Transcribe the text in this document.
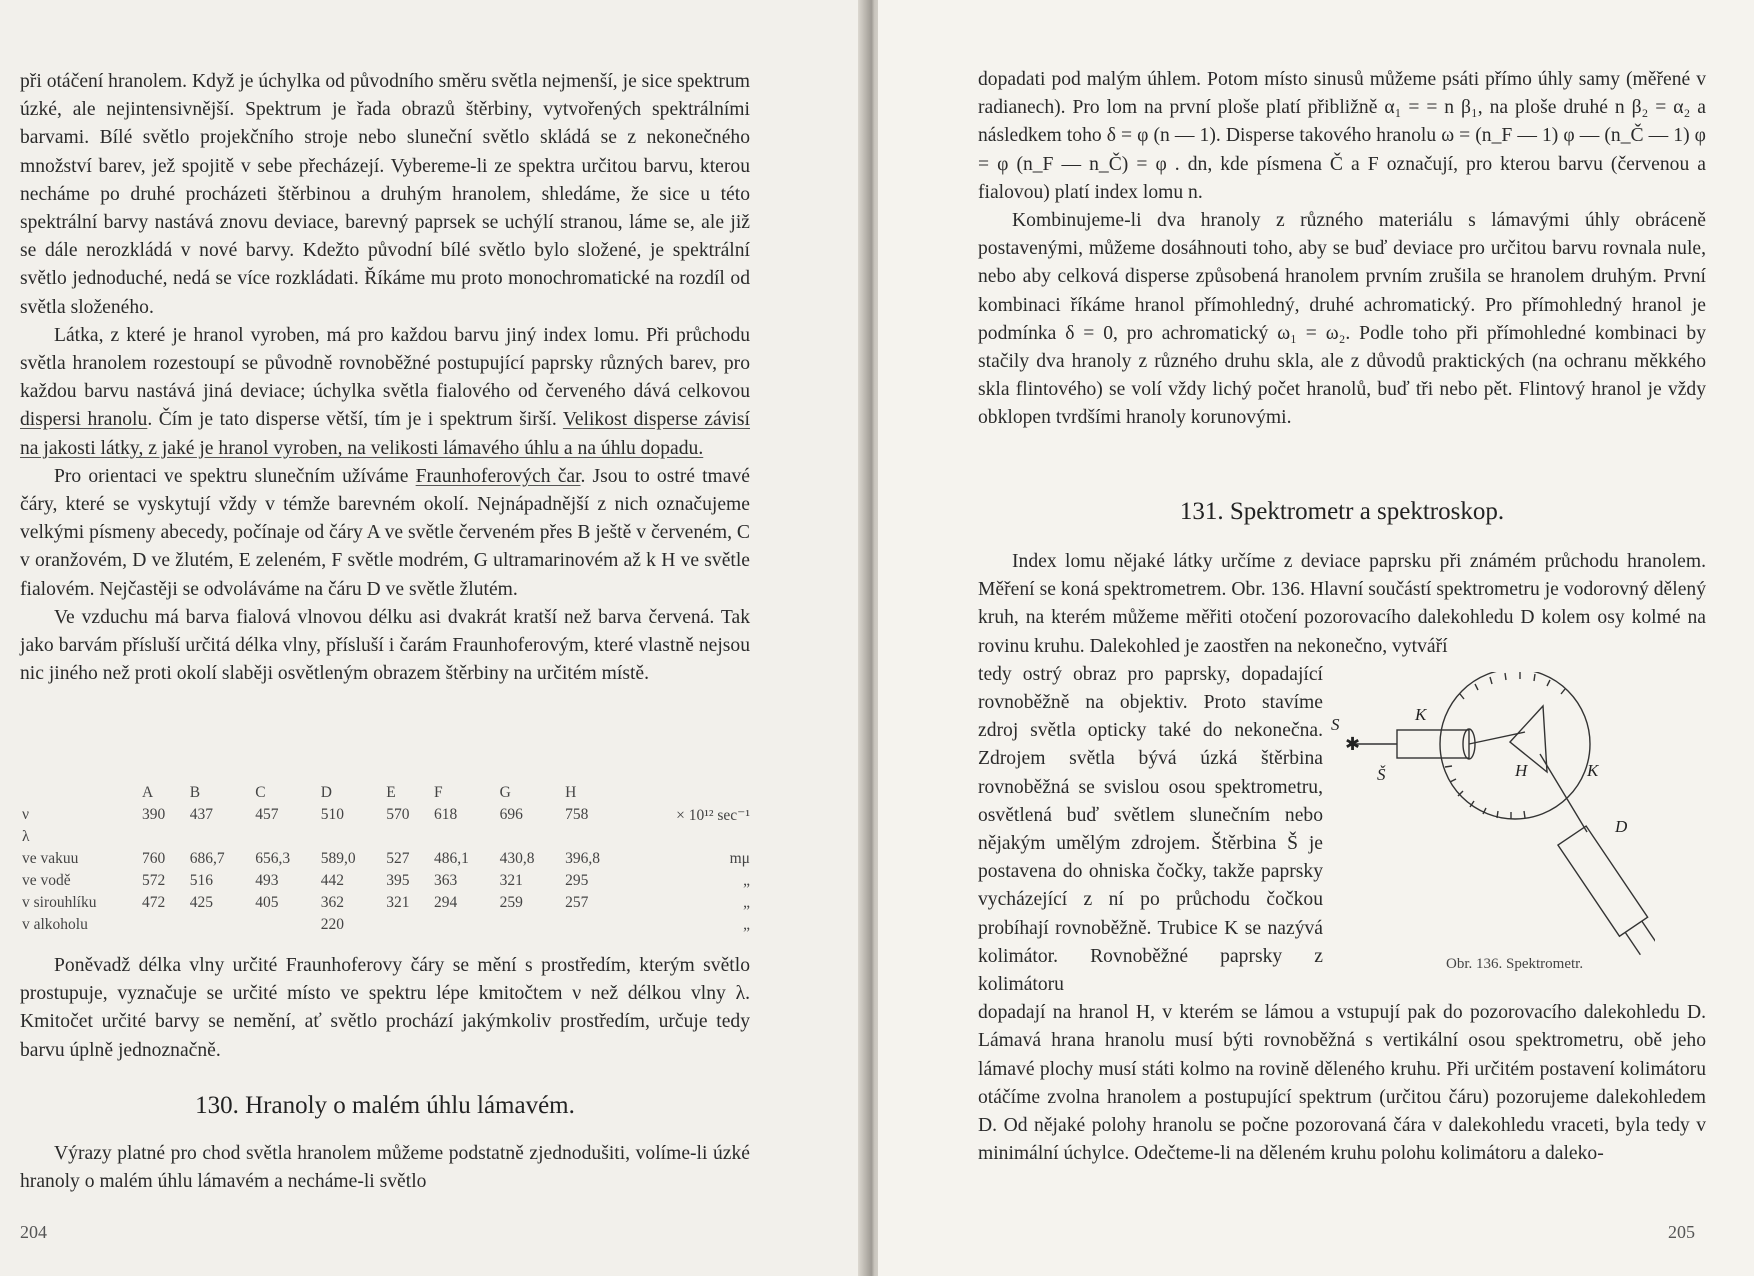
při otáčení hranolem. Když je úchylka od původního směru světla nejmenší, je sice spektrum úzké, ale nejintensivnější. Spektrum je řada obrazů štěrbiny, vytvořených spektrálními barvami. Bílé světlo projekčního stroje nebo sluneční světlo skládá se z nekonečného množství barev, jež spojitě v sebe přecházejí. Vybereme-li ze spektra určitou barvu, kterou necháme po druhé procházeti štěrbinou a druhým hranolem, shledáme, že sice u této spektrální barvy nastává znovu deviace, barevný paprsek se uchýlí stranou, láme se, ale již se dále nerozkládá v nové barvy. Kdežto původní bílé světlo bylo složené, je spektrální světlo jednoduché, nedá se více rozkládati. Říkáme mu proto monochromatické na rozdíl od světla složeného.

Látka, z které je hranol vyroben, má pro každou barvu jiný index lomu. Při průchodu světla hranolem rozestoupí se původně rovnoběžné postupující paprsky různých barev, pro každou barvu nastává jiná deviace; úchylka světla fialového od červeného dává celkovou dispersi hranolu. Čím je tato disperse větší, tím je i spektrum širší. Velikost disperse závisí na jakosti látky, z jaké je hranol vyroben, na velikosti lámavého úhlu a na úhlu dopadu.

Pro orientaci ve spektru slunečním užíváme Fraunhoferových čar. Jsou to ostré tmavé čáry, které se vyskytují vždy v témže barevném okolí. Nejnápadnější z nich označujeme velkými písmeny abecedy, počínaje od čáry A ve světle červeném přes B ještě v červeném, C v oranžovém, D ve žlutém, E zeleném, F světle modrém, G ultramarinovém až k H ve světle fialovém. Nejčastěji se odvoláváme na čáru D ve světle žlutém.

Ve vzduchu má barva fialová vlnovou délku asi dvakrát kratší než barva červená. Tak jako barvám přísluší určitá délka vlny, přísluší i čarám Fraunhoferovým, které vlastně nejsou nic jiného než proti okolí slaběji osvětleným obrazem štěrbiny na určitém místě.

	A	B	C	D	E	F	G	H	
ν	390	437	457	510	570	618	696	758	× 10¹² sec⁻¹
λ									
ve vakuu	760	686,7	656,3	589,0	527	486,1	430,8	396,8	mμ
ve vodě	572	516	493	442	395	363	321	295	„
v sirouhlíku	472	425	405	362	321	294	259	257	„
v alkoholu				220					„

Poněvadž délka vlny určité Fraunhoferovy čáry se mění s prostředím, kterým světlo prostupuje, vyznačuje se určité místo ve spektru lépe kmitočtem ν než délkou vlny λ. Kmitočet určité barvy se nemění, ať světlo prochází jakýmkoliv prostředím, určuje tedy barvu úplně jednoznačně.

130. Hranoly o malém úhlu lámavém.

Výrazy platné pro chod světla hranolem můžeme podstatně zjednodušiti, volíme-li úzké hranoly o malém úhlu lámavém a necháme-li světlo

204

dopadati pod malým úhlem. Potom místo sinusů můžeme psáti přímo úhly samy (měřené v radianech). Pro lom na první ploše platí přibližně α₁ = = n β₁, na ploše druhé n β₂ = α₂ a následkem toho δ = φ (n — 1). Disperse takového hranolu ω = (n_F — 1) φ — (n_Č — 1) φ = φ (n_F — n_Č) = φ . dn, kde písmena Č a F označují, pro kterou barvu (červenou a fialovou) platí index lomu n.

Kombinujeme-li dva hranoly z různého materiálu s lámavými úhly obráceně postavenými, můžeme dosáhnouti toho, aby se buď deviace pro určitou barvu rovnala nule, nebo aby celková disperse způsobená hranolem prvním zrušila se hranolem druhým. První kombinaci říkáme hranol přímohledný, druhé achromatický. Pro přímohledný hranol je podmínka δ = 0, pro achromatický ω₁ = ω₂. Podle toho při přímohledné kombinaci by stačily dva hranoly z různého druhu skla, ale z důvodů praktických (na ochranu měkkého skla flintového) se volí vždy lichý počet hranolů, buď tři nebo pět. Flintový hranol je vždy obklopen tvrdšími hranoly korunovými.

131. Spektrometr a spektroskop.

Index lomu nějaké látky určíme z deviace paprsku při známém průchodu hranolem. Měření se koná spektrometrem. Obr. 136. Hlavní součástí spektrometru je vodorovný dělený kruh, na kterém můžeme měřiti otočení pozorovacího dalekohledu D kolem osy kolmé na rovinu kruhu. Dalekohled je zaostřen na nekonečno, vytváří

tedy ostrý obraz pro paprsky, dopadající rovnoběžně na objektiv. Proto stavíme zdroj světla opticky také do nekonečna. Zdrojem světla bývá úzká štěrbina rovnoběžná se svislou osou spektrometru, osvětlená buď světlem slunečním nebo nějakým umělým zdrojem. Štěrbina Š je postavena do ohniska čočky, takže paprsky vycházející z ní po průchodu čočkou probíhají rovnoběžně. Trubice K se nazývá kolimátor. Rovnoběžné paprsky z kolimátoru

dopadají na hranol H, v kterém se lámou a vstupují pak do pozorovacího dalekohledu D. Lámavá hrana hranolu musí býti rovnoběžná s vertikální osou spektrometru, obě jeho lámavé plochy musí státi kolmo na rovině děleného kruhu. Při určitém postavení kolimátoru otáčíme zvolna hranolem a postupující spektrum (určitou čáru) pozorujeme dalekohledem D. Od nějaké polohy hranolu se počne pozorovaná čára v dalekohledu vraceti, byla tedy v minimální úchylce. Odečteme-li na děleném kruhu polohu kolimátoru a daleko-

205
S
K
Š	H	K
D
✱
Obr. 136. Spektrometr.
